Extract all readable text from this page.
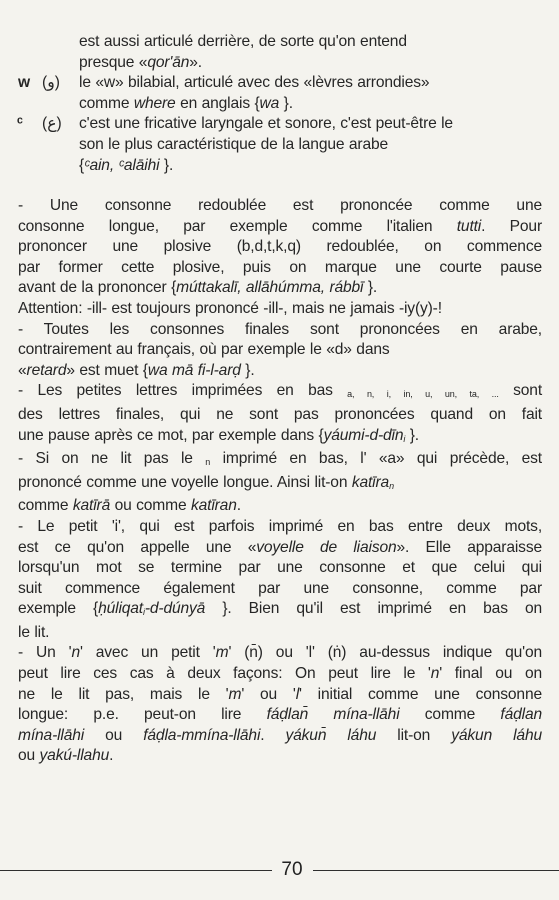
est aussi articulé derrière, de sorte qu'on entend
presque «qor'ān».
le «w» bilabial, articulé avec des «lèvres arrondies»
comme where en anglais {wa }.
c'est une fricative laryngale et sonore, c'est peut-être le
son le plus caractéristique de la langue arabe
{ᶜain, ᶜalāihi }.
w (و)
ᶜ (ع)
- Une consonne redoublée est prononcée comme une
consonne longue, par exemple comme l'italien tutti. Pour
prononcer une plosive (b,d,t,k,q) redoublée, on commence
par former cette plosive, puis on marque une courte pause
avant de la prononcer {múttakalī, allāhúmma, rábbī }.
Attention: -ill- est toujours prononcé -ill-, mais ne jamais -iy(y)-!
- Toutes les consonnes finales sont prononcées en arabe,
contrairement au français, où par exemple le «d» dans
«retard» est muet {wa mā fi-l-arḍ }.
- Les petites lettres imprimées en bas $_{a, n, i, in, u, un, ta, ...}$ sont
des lettres finales, qui ne sont pas prononcées quand on fait
une pause après ce mot, par exemple dans {yáumi-d-dīn$_i$ }.
- Si on ne lit pas le $_n$ imprimé en bas, l' «a» qui précède, est
prononcé comme une voyelle longue. Ainsi lit-on katīra$_n$
comme katīrā ou comme katīran.
- Le petit 'i', qui est parfois imprimé en bas entre deux mots,
est ce qu'on appelle une «voyelle de liaison». Elle apparaisse
lorsqu'un mot se termine par une consonne et que celui qui
suit commence également par une consonne, comme par
exemple {ḥúliqat$_i$-d-dúnyā }. Bien qu'il est imprimé en bas on
le lit.
- Un 'n' avec un petit 'm' (n̄) ou 'l' (ṅ) au-dessus indique qu'on
peut lire ces cas à deux façons: On peut lire le 'n' final ou on
ne le lit pas, mais le 'm' ou 'l' initial comme une consonne
longue: p.e. peut-on lire fáḍlan̄ mína-llāhi comme fáḍlan
mína-llāhi ou fáḍla-mmína-llāhi. yákun̄ láhu lit-on yákun láhu
ou yakú-llahu.
70
